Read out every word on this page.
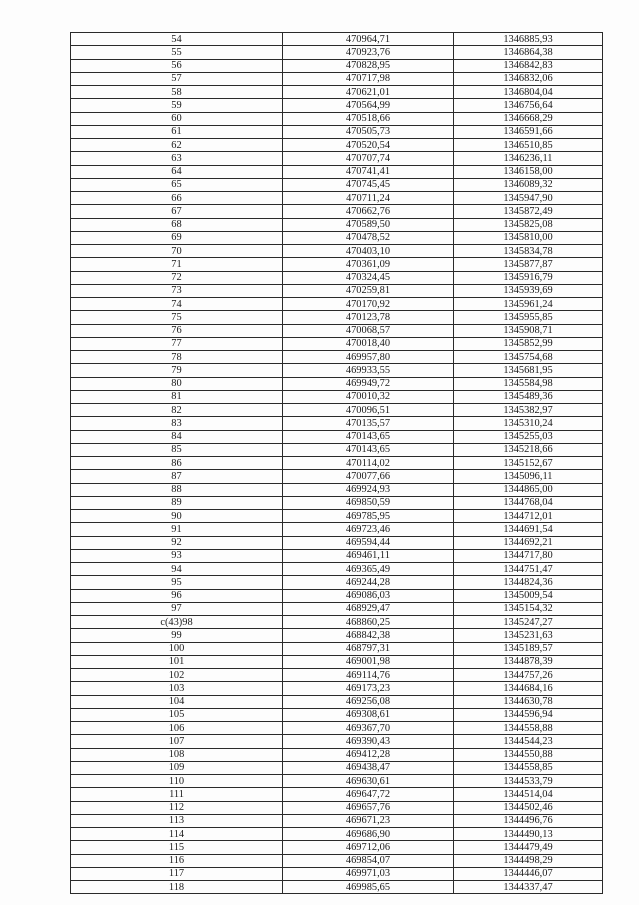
54	470964,71	1346885,93
55	470923,76	1346864,38
56	470828,95	1346842,83
57	470717,98	1346832,06
58	470621,01	1346804,04
59	470564,99	1346756,64
60	470518,66	1346668,29
61	470505,73	1346591,66
62	470520,54	1346510,85
63	470707,74	1346236,11
64	470741,41	1346158,00
65	470745,45	1346089,32
66	470711,24	1345947,90
67	470662,76	1345872,49
68	470589,50	1345825,08
69	470478,52	1345810,00
70	470403,10	1345834,78
71	470361,09	1345877,87
72	470324,45	1345916,79
73	470259,81	1345939,69
74	470170,92	1345961,24
75	470123,78	1345955,85
76	470068,57	1345908,71
77	470018,40	1345852,99
78	469957,80	1345754,68
79	469933,55	1345681,95
80	469949,72	1345584,98
81	470010,32	1345489,36
82	470096,51	1345382,97
83	470135,57	1345310,24
84	470143,65	1345255,03
85	470143,65	1345218,66
86	470114,02	1345152,67
87	470077,66	1345096,11
88	469924,93	1344865,00
89	469850,59	1344768,04
90	469785,95	1344712,01
91	469723,46	1344691,54
92	469594,44	1344692,21
93	469461,11	1344717,80
94	469365,49	1344751,47
95	469244,28	1344824,36
96	469086,03	1345009,54
97	468929,47	1345154,32
с(43)98	468860,25	1345247,27
99	468842,38	1345231,63
100	468797,31	1345189,57
101	469001,98	1344878,39
102	469114,76	1344757,26
103	469173,23	1344684,16
104	469256,08	1344630,78
105	469308,61	1344596,94
106	469367,70	1344558,88
107	469390,43	1344544,23
108	469412,28	1344550,88
109	469438,47	1344558,85
110	469630,61	1344533,79
111	469647,72	1344514,04
112	469657,76	1344502,46
113	469671,23	1344496,76
114	469686,90	1344490,13
115	469712,06	1344479,49
116	469854,07	1344498,29
117	469971,03	1344446,07
118	469985,65	1344337,47
